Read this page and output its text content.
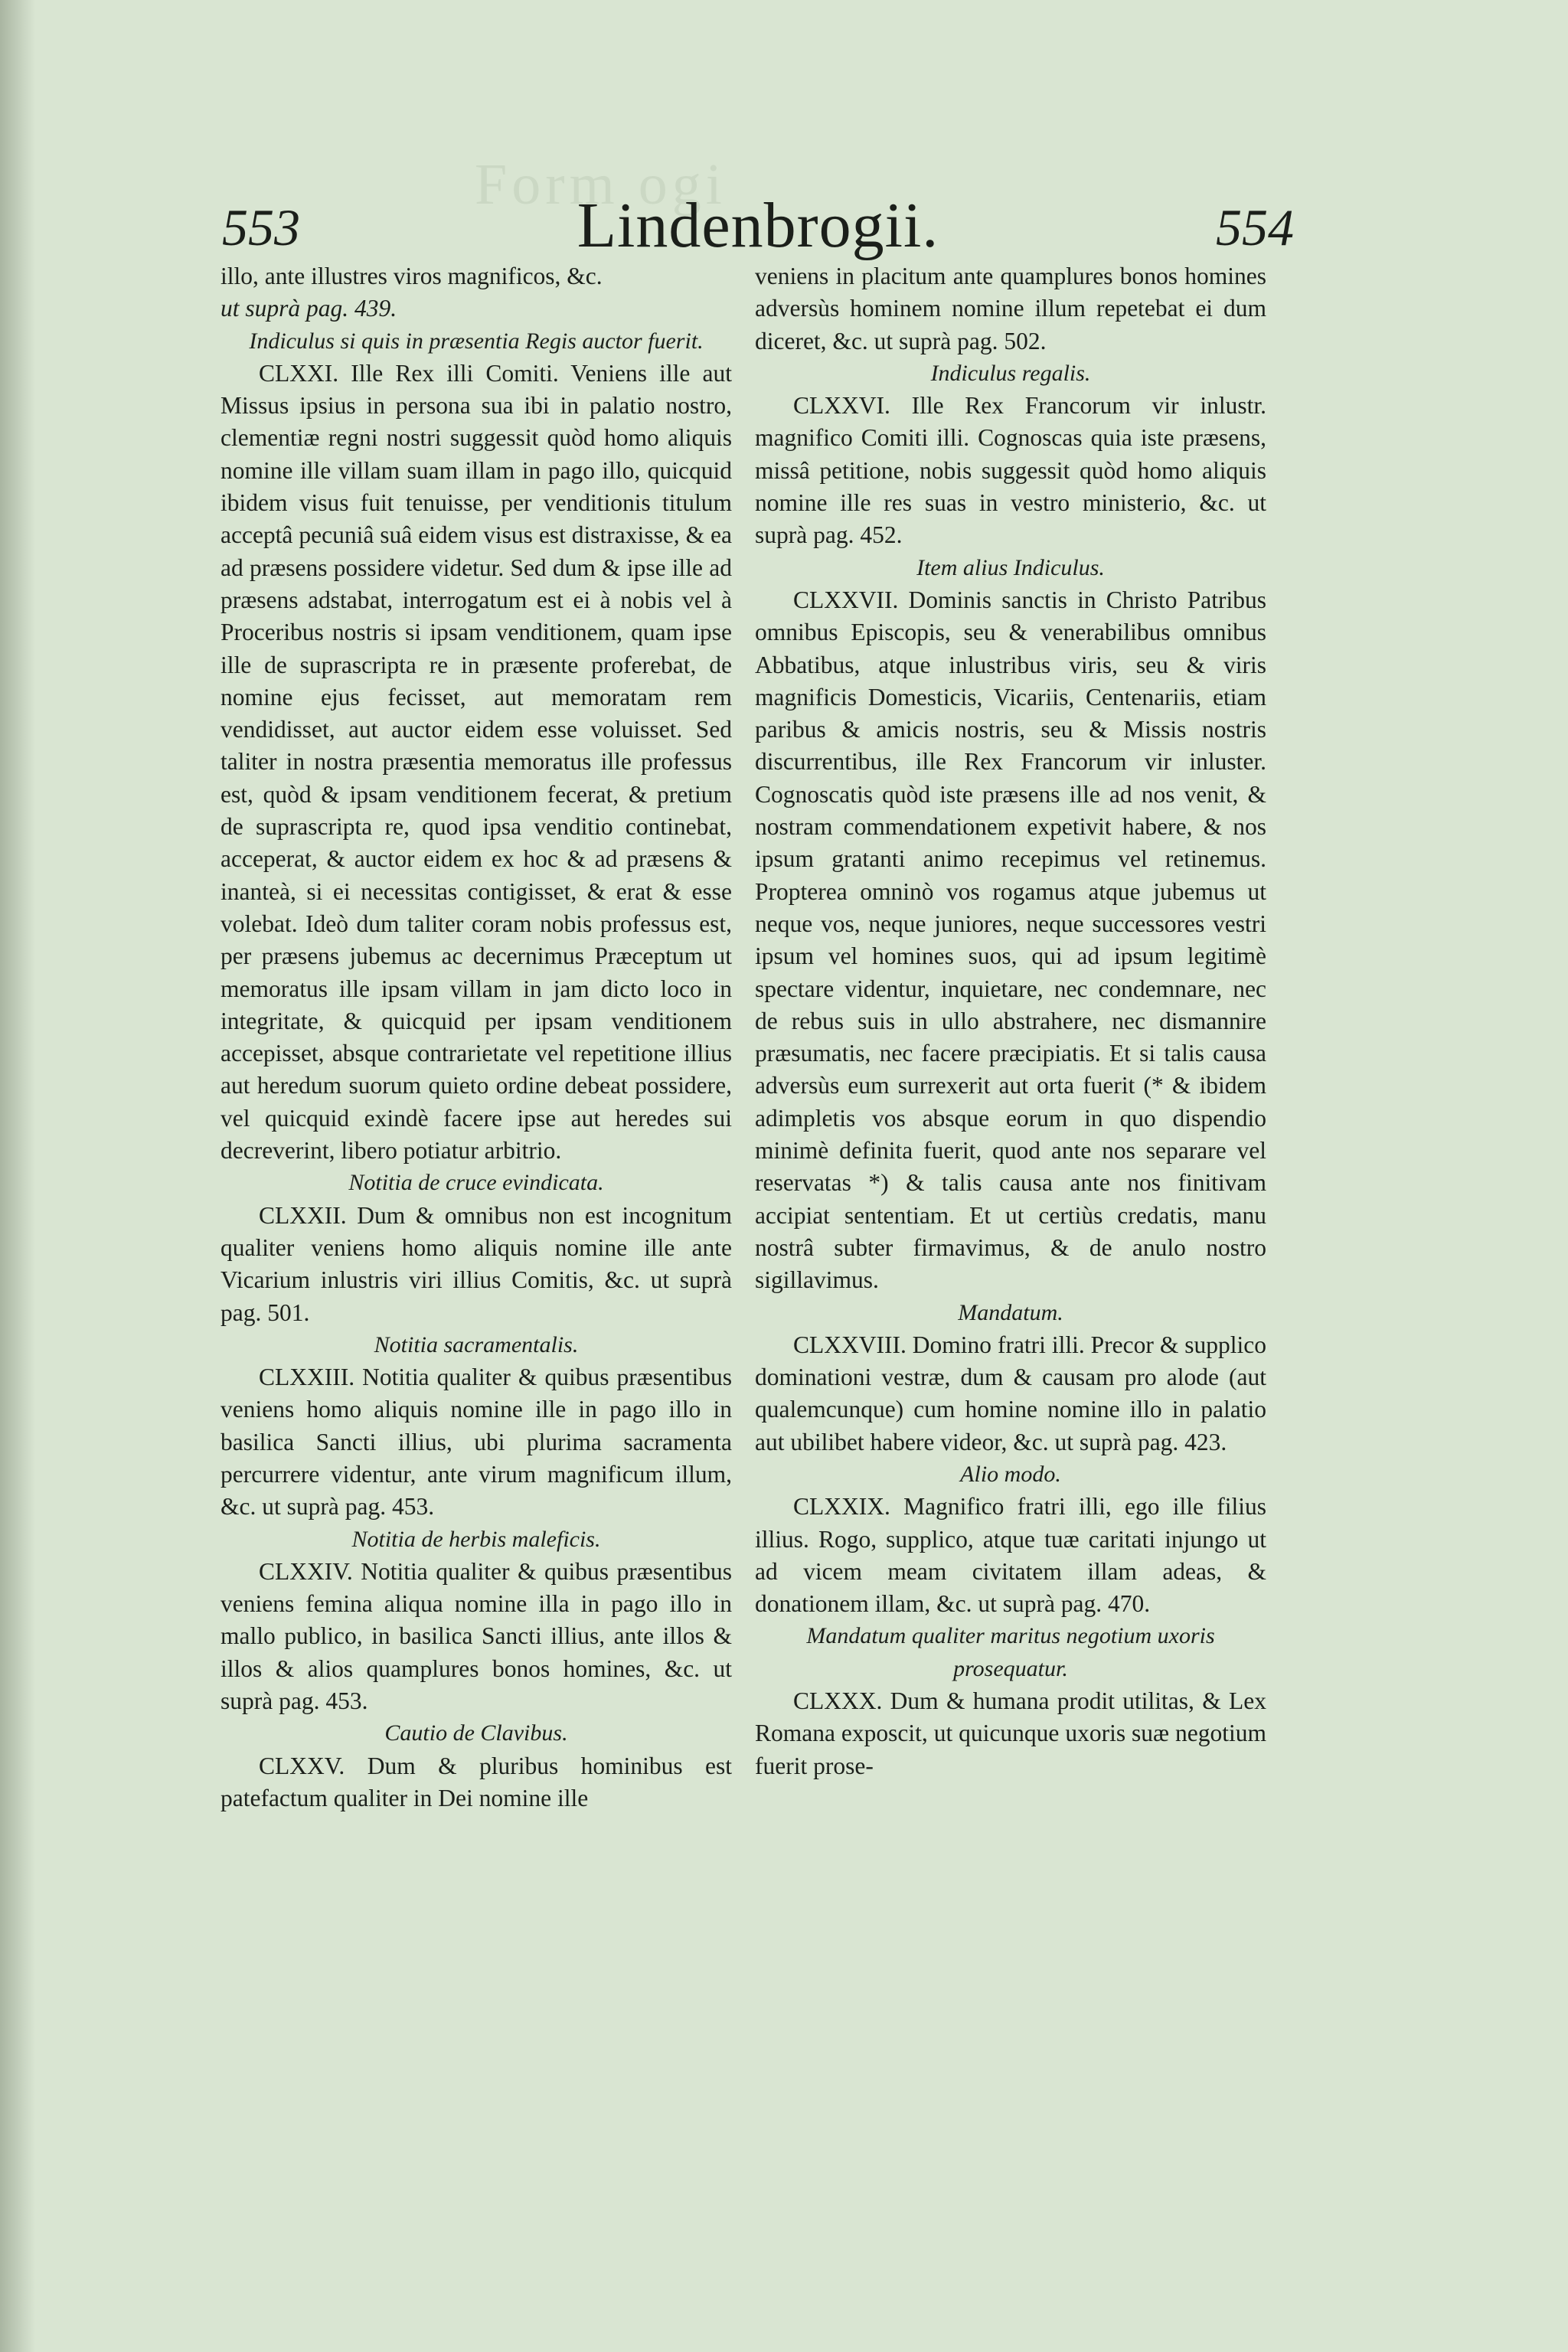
Form ogi
553	Lindenbrogii.	554

illo, ante illustres viros magnificos, &c.

ut suprà pag. 439.

Indiculus si quis in præsentia Regis auctor fuerit.

CLXXI. Ille Rex illi Comiti. Veniens ille aut Missus ipsius in persona sua ibi in palatio nostro, clementiæ regni nostri suggessit quòd homo aliquis nomine ille villam suam illam in pago illo, quicquid ibidem visus fuit tenuisse, per venditionis titulum acceptâ pecuniâ suâ eidem visus est distraxisse, & ea ad præsens possidere videtur. Sed dum & ipse ille ad præsens adstabat, interrogatum est ei à nobis vel à Proceribus nostris si ipsam venditionem, quam ipse ille de suprascripta re in præsente proferebat, de nomine ejus fecisset, aut memoratam rem vendidisset, aut auctor eidem esse voluisset. Sed taliter in nostra præsentia memoratus ille professus est, quòd & ipsam venditionem fecerat, & pretium de suprascripta re, quod ipsa venditio continebat, acceperat, & auctor eidem ex hoc & ad præsens & inanteà, si ei necessitas contigisset, & erat & esse volebat. Ideò dum taliter coram nobis professus est, per præsens jubemus ac decernimus Præceptum ut memoratus ille ipsam villam in jam dicto loco in integritate, & quicquid per ipsam venditionem accepisset, absque contrarietate vel repetitione illius aut heredum suorum quieto ordine debeat possidere, vel quicquid exindè facere ipse aut heredes sui decreverint, libero potiatur arbitrio.

Notitia de cruce evindicata.

CLXXII. Dum & omnibus non est incognitum qualiter veniens homo aliquis nomine ille ante Vicarium inlustris viri illius Comitis, &c. ut suprà pag. 501.

Notitia sacramentalis.

CLXXIII. Notitia qualiter & quibus præsentibus veniens homo aliquis nomine ille in pago illo in basilica Sancti illius, ubi plurima sacramenta percurrere videntur, ante virum magnificum illum, &c. ut suprà pag. 453.

Notitia de herbis maleficis.

CLXXIV. Notitia qualiter & quibus præsentibus veniens femina aliqua nomine illa in pago illo in mallo publico, in basilica Sancti illius, ante illos & illos & alios quamplures bonos homines, &c. ut suprà pag. 453.

Cautio de Clavibus.

CLXXV. Dum & pluribus hominibus est patefactum qualiter in Dei nomine ille

veniens in placitum ante quamplures bonos homines adversùs hominem nomine illum repetebat ei dum diceret, &c. ut suprà pag. 502.

Indiculus regalis.

CLXXVI. Ille Rex Francorum vir inlustr. magnifico Comiti illi. Cognoscas quia iste præsens, missâ petitione, nobis suggessit quòd homo aliquis nomine ille res suas in vestro ministerio, &c. ut suprà pag. 452.

Item alius Indiculus.

CLXXVII. Dominis sanctis in Christo Patribus omnibus Episcopis, seu & venerabilibus omnibus Abbatibus, atque inlustribus viris, seu & viris magnificis Domesticis, Vicariis, Centenariis, etiam paribus & amicis nostris, seu & Missis nostris discurrentibus, ille Rex Francorum vir inluster. Cognoscatis quòd iste præsens ille ad nos venit, & nostram commendationem expetivit habere, & nos ipsum gratanti animo recepimus vel retinemus. Propterea omninò vos rogamus atque jubemus ut neque vos, neque juniores, neque successores vestri ipsum vel homines suos, qui ad ipsum legitimè spectare videntur, inquietare, nec condemnare, nec de rebus suis in ullo abstrahere, nec dismannire præsumatis, nec facere præcipiatis. Et si talis causa adversùs eum surrexerit aut orta fuerit (* & ibidem adimpletis vos absque eorum in quo dispendio minimè definita fuerit, quod ante nos separare vel reservatas *) & talis causa ante nos finitivam accipiat sententiam. Et ut certiùs credatis, manu nostrâ subter firmavimus, & de anulo nostro sigillavimus.

Mandatum.

CLXXVIII. Domino fratri illi. Precor & supplico dominationi vestræ, dum & causam pro alode (aut qualemcunque) cum homine nomine illo in palatio aut ubilibet habere videor, &c. ut suprà pag. 423.

Alio modo.

CLXXIX. Magnifico fratri illi, ego ille filius illius. Rogo, supplico, atque tuæ caritati injungo ut ad vicem meam civitatem illam adeas, & donationem illam, &c. ut suprà pag. 470.

Mandatum qualiter maritus negotium uxoris prosequatur.

CLXXX. Dum & humana prodit utilitas, & Lex Romana exposcit, ut quicunque uxoris suæ negotium fuerit prose-
